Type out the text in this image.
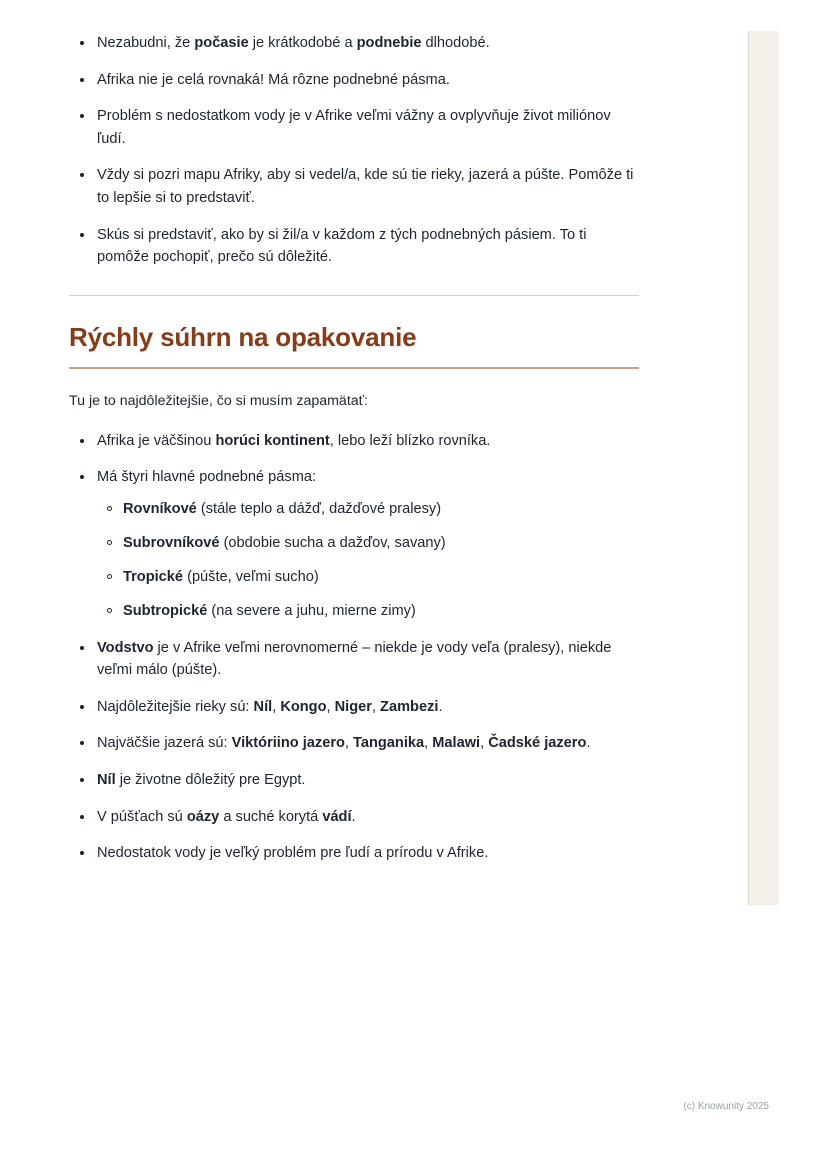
Nezabudni, že počasie je krátkodobé a podnebie dlhodobé.
Afrika nie je celá rovnaká! Má rôzne podnebné pásma.
Problém s nedostatkom vody je v Afrike veľmi vážny a ovplyvňuje život miliónov ľudí.
Vždy si pozri mapu Afriky, aby si vedel/a, kde sú tie rieky, jazerá a púšte. Pomôže ti to lepšie si to predstaviť.
Skús si predstaviť, ako by si žil/a v každom z tých podnebných pásiem. To ti pomôže pochopiť, prečo sú dôležité.
Rýchly súhrn na opakovanie

Tu je to najdôležitejšie, čo si musím zapamätať:

Afrika je väčšinou horúci kontinent, lebo leží blízko rovníka.
Má štyri hlavné podnebné pásma:
Rovníkové (stále teplo a dážď, dažďové pralesy)
Subrovníkové (obdobie sucha a dažďov, savany)
Tropické (púšte, veľmi sucho)
Subtropické (na severe a juhu, mierne zimy)
Vodstvo je v Afrike veľmi nerovnomerné – niekde je vody veľa (pralesy), niekde veľmi málo (púšte).
Najdôležitejšie rieky sú: Níl, Kongo, Niger, Zambezi.
Najväčšie jazerá sú: Viktóriino jazero, Tanganika, Malawi, Čadské jazero.
Níl je životne dôležitý pre Egypt.
V púšťach sú oázy a suché korytá vádí.
Nedostatok vody je veľký problém pre ľudí a prírodu v Afrike.
(c) Knowunity 2025
